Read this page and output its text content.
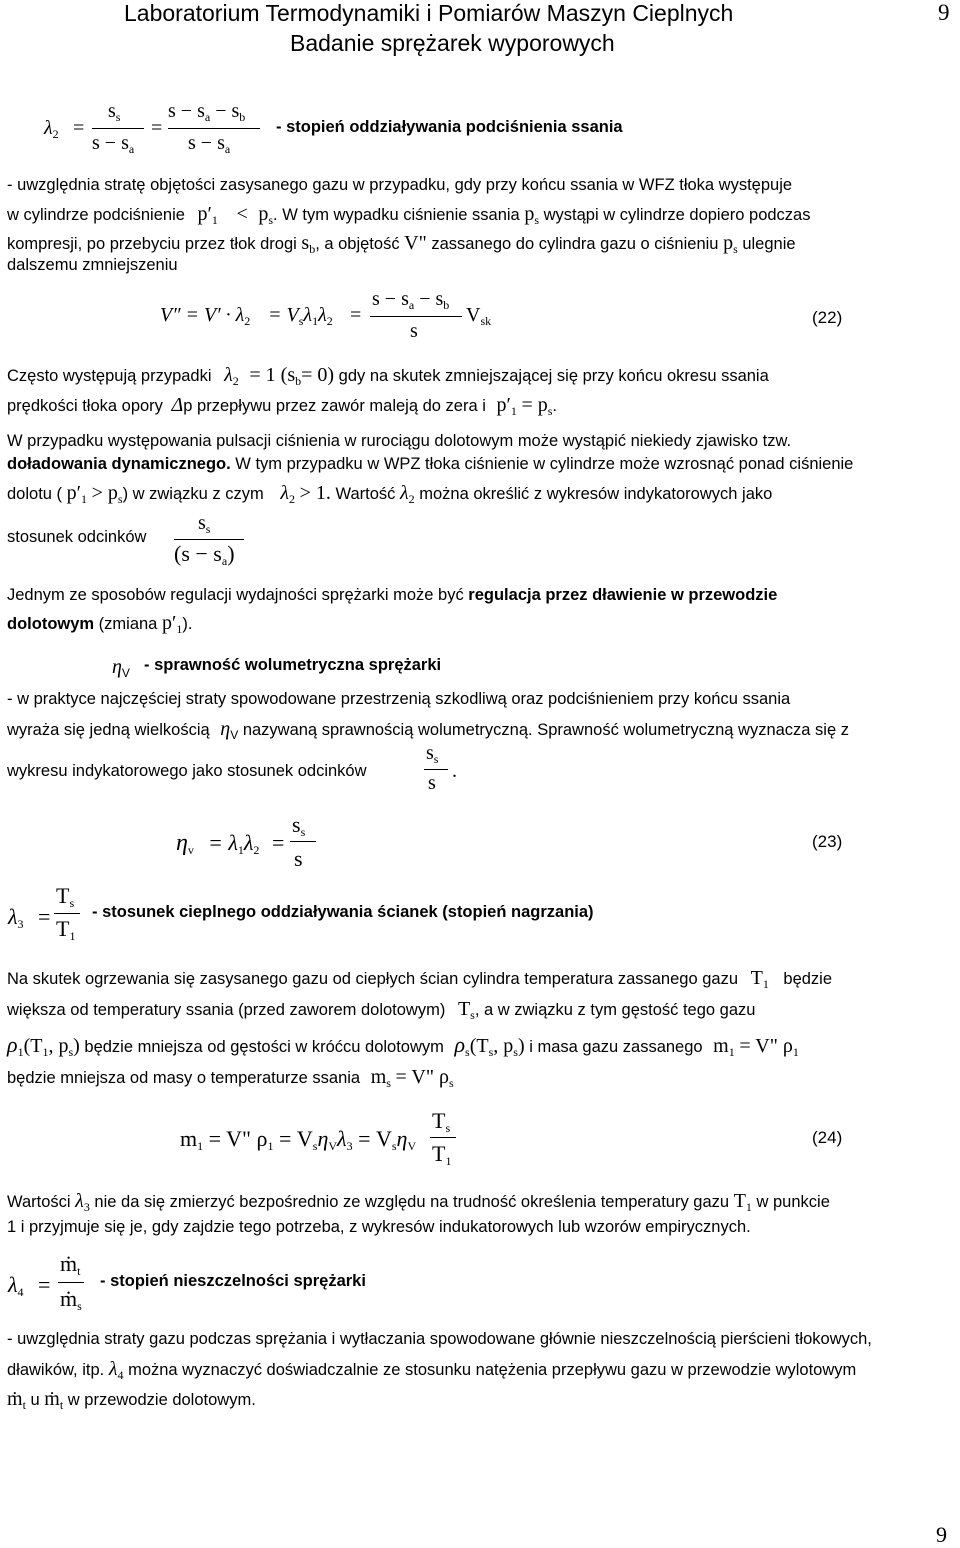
Laboratorium Termodynamiki i Pomiarów Maszyn Cieplnych
Badanie sprężarek wyporowych
9
$\lambda_2$ =
$s_s$
$s - s_a$
=
$s - s_a - s_b$
$s - s_a$
- stopień oddziaływania podciśnienia ssania
- uwzględnia stratę objętości zasysanego gazu w przypadku, gdy przy końcu ssania w WFZ tłoka występuje
w cylindrze podciśnienie $p'_1 < p_s$. W tym wypadku ciśnienie ssania $p_s$ wystąpi w cylindrze dopiero podczas
kompresji, po przebyciu przez tłok drogi $s_b$, a objętość V" zassanego do cylindra gazu o ciśnieniu $p_s$ ulegnie
dalszemu zmniejszeniu
$V'' = V' \cdot \lambda_2 = V_s\lambda_1\lambda_2$ =
$s - s_a - s_b$
s
$V_{sk}$	(22)
Często występują przypadki $\lambda_2 = 1$ $(s_b= 0)$ gdy na skutek zmniejszającej się przy końcu okresu ssania
prędkości tłoka opory Δp przepływu przez zawór maleją do zera i $p'_1 = p_s$.
W przypadku występowania pulsacji ciśnienia w rurociągu dolotowym może wystąpić niekiedy zjawisko tzw.
doładowania dynamicznego. W tym przypadku w WPZ tłoka ciśnienie w cylindrze może wzrosnąć ponad ciśnienie
dolotu ( $p'_1 > p_s$) w związku z czym $\lambda_2 > 1$. Wartość $\lambda_2$ można określić z wykresów indykatorowych jako
stosunek odcinków
$s_s$
$(s - s_a)$
Jednym ze sposobów regulacji wydajności sprężarki może być regulacja przez dławienie w przewodzie
dolotowym (zmiana $p'_1$).
$\eta_V$ - sprawność wolumetryczna sprężarki
- w praktyce najczęściej straty spowodowane przestrzenią szkodliwą oraz podciśnieniem przy końcu ssania
wyraża się jedną wielkością $\eta_V$ nazywaną sprawnością wolumetryczną. Sprawność wolumetryczną wyznacza się z
wykresu indykatorowego jako stosunek odcinków
$s_s$
s
.
$\eta_v = \lambda_1\lambda_2$ =
$s_s$
s
(23)
$\lambda_3$ =
$T_s$
$T_1$
- stosunek cieplnego oddziaływania ścianek (stopień nagrzania)
Na skutek ogrzewania się zasysanego gazu od ciepłych ścian cylindra temperatura zassanego gazu $T_1$ będzie
większa od temperatury ssania (przed zaworem dolotowym) $T_s$, a w związku z tym gęstość tego gazu
$\rho_1(T_1$, $p_s$) będzie mniejsza od gęstości w króćcu dolotowym $\rho_s(T_s$, $p_s$) i masa gazu zassanego $m_1 = V$" $\rho_1$
będzie mniejsza od masy o temperaturze ssania $m_s = V$" $\rho_s$
$m_1 = V$" $\rho_1 = V_s\eta_V\lambda_3 = V_s\eta_V$
$T_s$
$T_1$
(24)
Wartości $\lambda_3$ nie da się zmierzyć bezpośrednio ze względu na trudność określenia temperatury gazu $T_1$ w punkcie
1 i przyjmuje się je, gdy zajdzie tego potrzeba, z wykresów indukatorowych lub wzorów empirycznych.
$\lambda_4$ =
ṁ$_t$
ṁ$_s$
- stopień nieszczelności sprężarki
- uwzględnia straty gazu podczas sprężania i wytłaczania spowodowane głównie nieszczelnością pierścieni tłokowych,
dławików, itp. $\lambda_4$ można wyznaczyć doświadczalnie ze stosunku natężenia przepływu gazu w przewodzie wylotowym
ṁ$_t$ u ṁ$_t$ w przewodzie dolotowym.
9
